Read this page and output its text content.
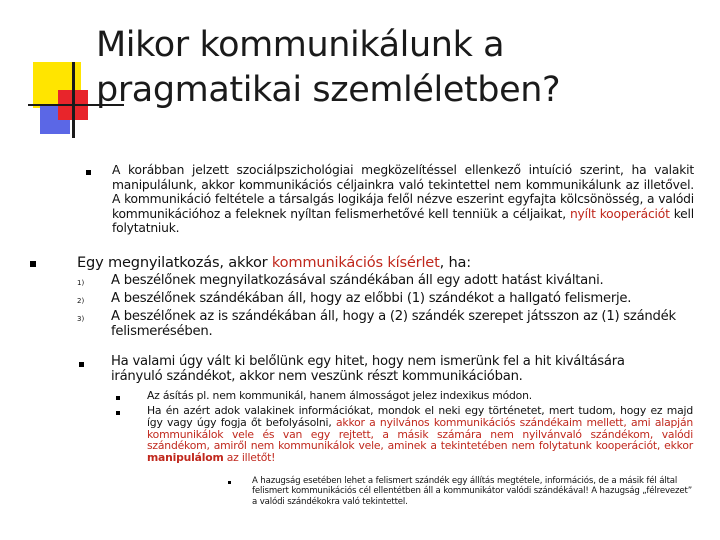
Mikor kommunikálunk a
pragmatikai szemléletben?
A korábban jelzett szociálpszichológiai megközelítéssel ellenkező intuíció szerint, ha valakit manipulálunk, akkor kommunikációs céljainkra való tekintettel nem kommunikálunk az illetővel. A kommunikáció feltétele a társalgás logikája felől nézve eszerint egyfajta kölcsönösség, a valódi kommunikációhoz a feleknek nyíltan felismerhetővé kell tenniük a céljaikat, nyílt kooperációt kell folytatniuk.
Egy megnyilatkozás, akkor kommunikációs kísérlet, ha:
1) A beszélőnek megnyilatkozásával szándékában áll egy adott hatást kiváltani.
2) A beszélőnek szándékában áll, hogy az előbbi (1) szándékot a hallgató felismerje.
3) A beszélőnek az is szándékában áll, hogy a (2) szándék szerepet játsszon az (1) szándék felismerésében.
Ha valami úgy vált ki belőlünk egy hitet, hogy nem ismerünk fel a hit kiváltására irányuló szándékot, akkor nem veszünk részt kommunikációban.
Az ásítás pl. nem kommunikál, hanem álmosságot jelez indexikus módon.
Ha én azért adok valakinek információkat, mondok el neki egy történetet, mert tudom, hogy ez majd így vagy úgy fogja őt befolyásolni, akkor a nyilvános kommunikációs szándékaim mellett, ami alapján kommunikálok vele és van egy rejtett, a másik számára nem nyilvánvaló szándékom, valódi szándékom, amiről nem kommunikálok vele, aminek a tekintetében nem folytatunk kooperációt, ekkor manipulálom az illetőt!
A hazugság esetében lehet a felismert szándék egy állítás megtétele, információs, de a másik fél által felismert kommunikációs cél ellentétben áll a kommunikátor valódi szándékával! A hazugság „félrevezet” a valódi szándékokra való tekintettel.
